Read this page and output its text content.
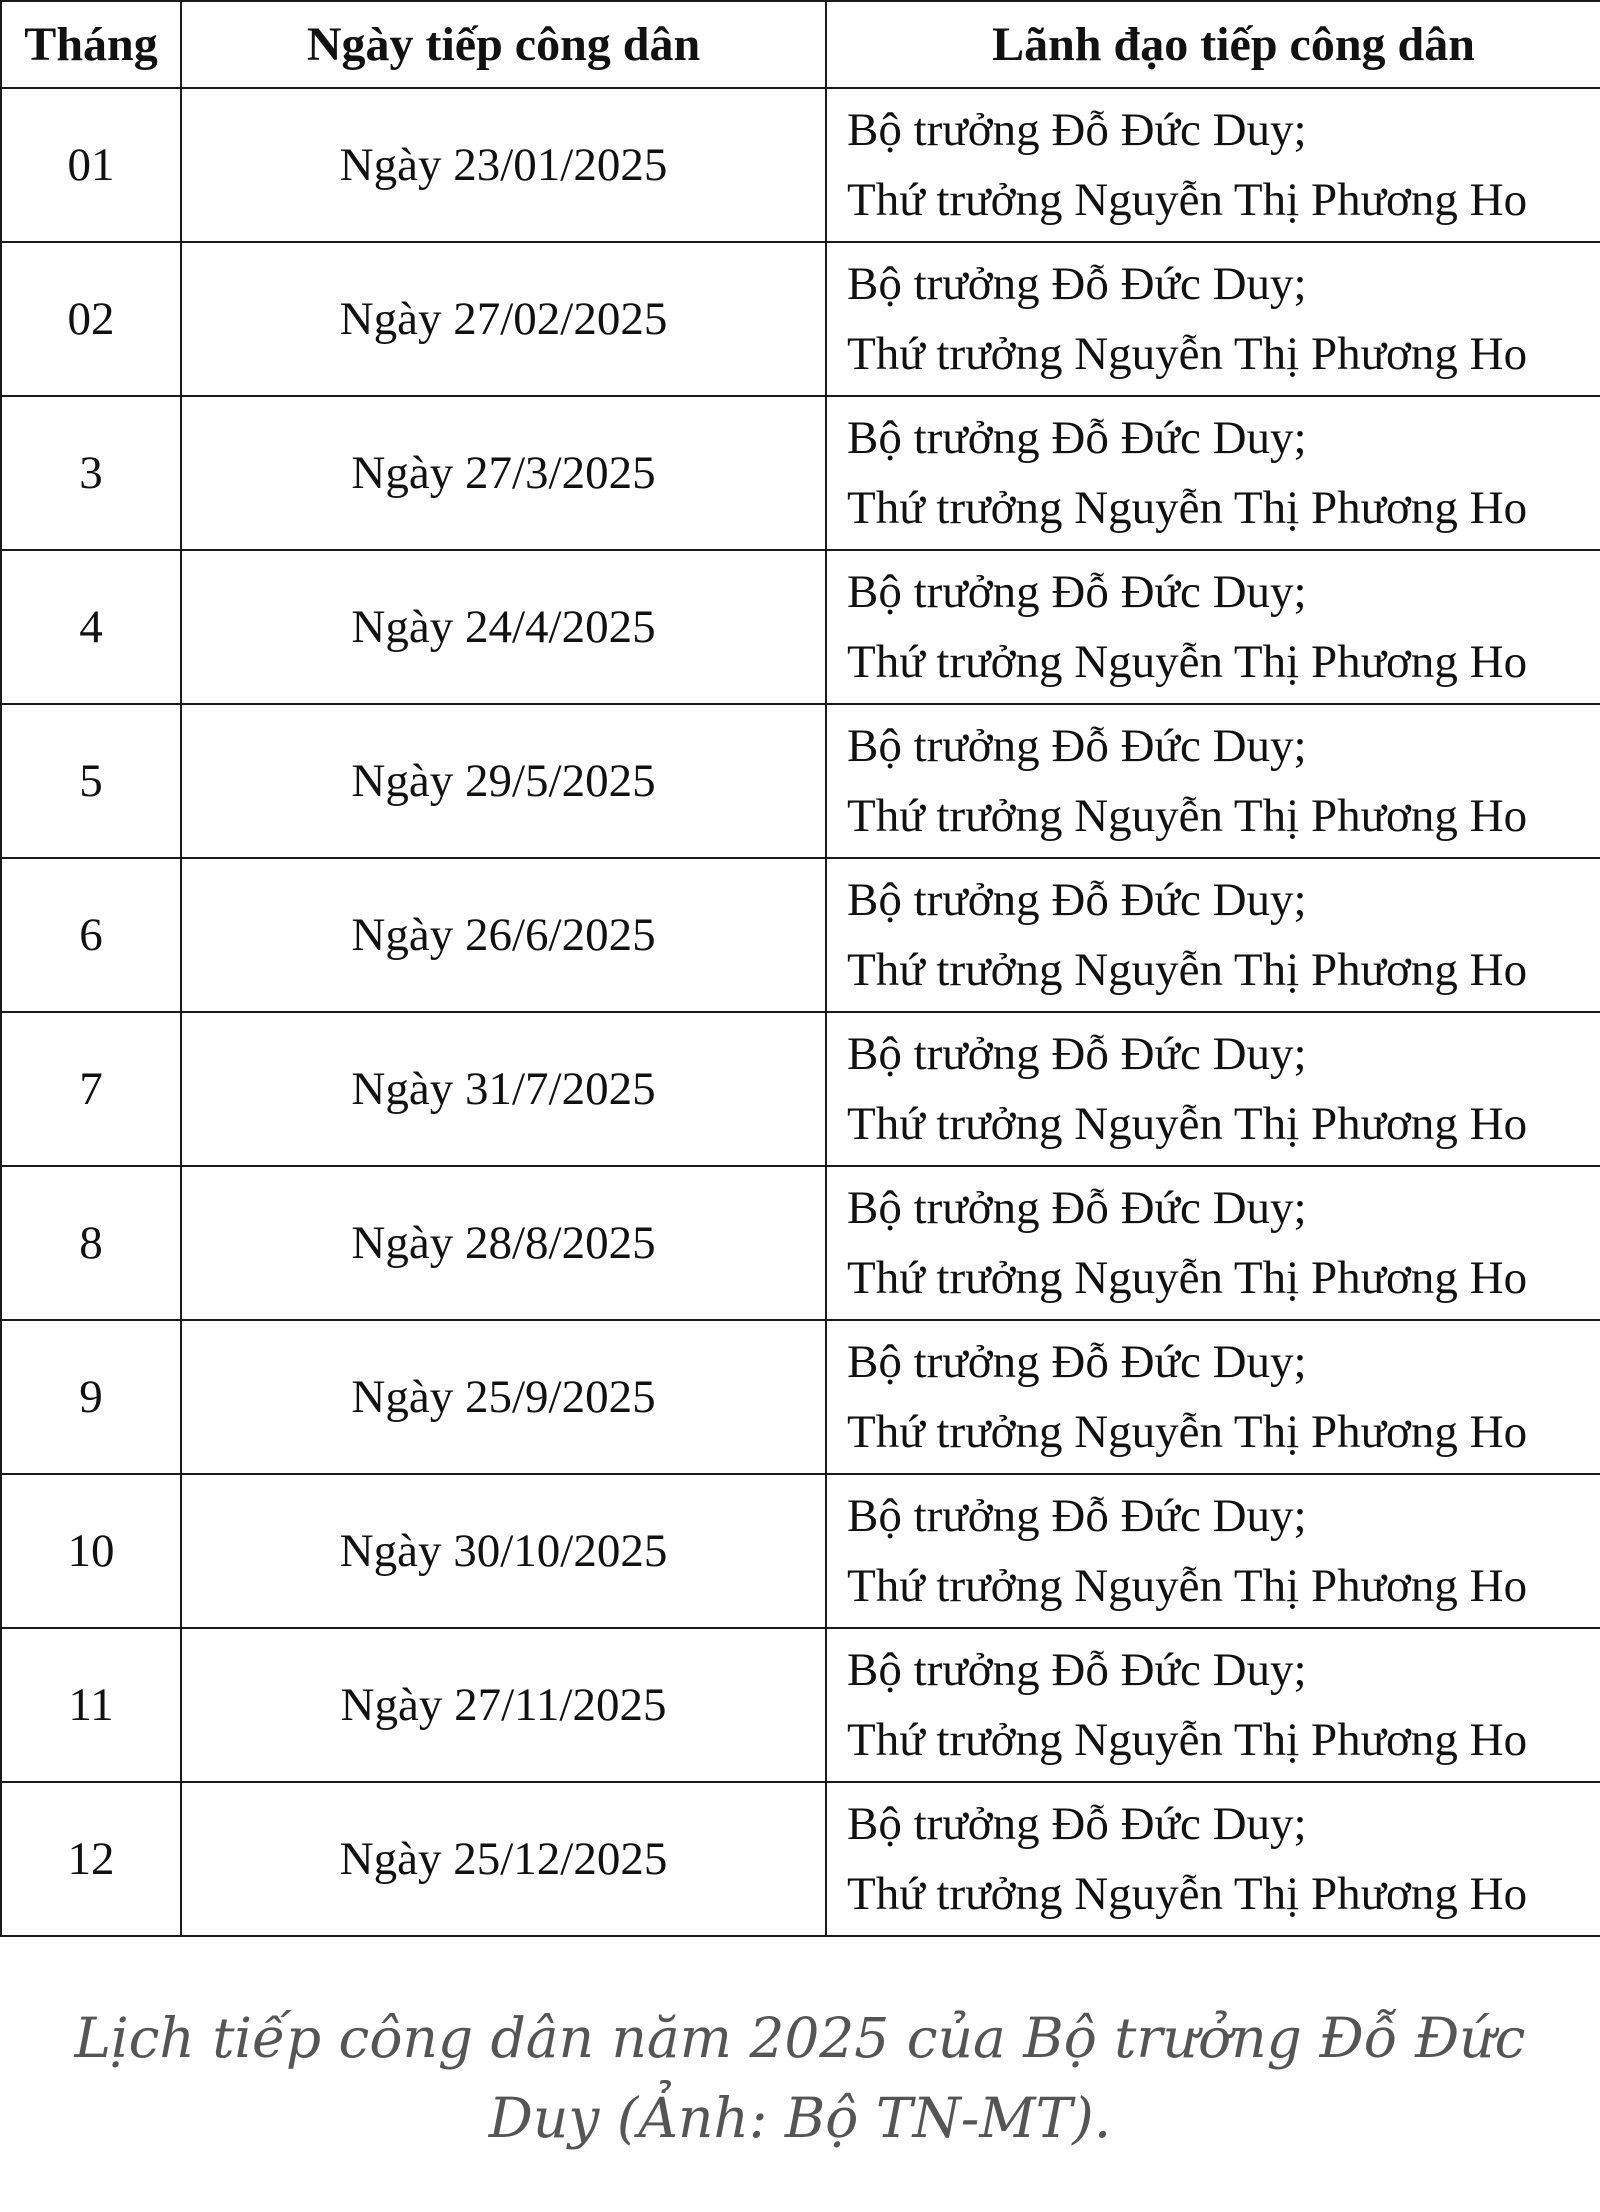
Tháng	Ngày tiếp công dân	Lãnh đạo tiếp công dân
01	Ngày 23/01/2025	Bộ trưởng Đỗ Đức Duy;
Thứ trưởng Nguyễn Thị Phương Ho

02	Ngày 27/02/2025	Bộ trưởng Đỗ Đức Duy;
Thứ trưởng Nguyễn Thị Phương Ho

3	Ngày 27/3/2025	Bộ trưởng Đỗ Đức Duy;
Thứ trưởng Nguyễn Thị Phương Ho

4	Ngày 24/4/2025	Bộ trưởng Đỗ Đức Duy;
Thứ trưởng Nguyễn Thị Phương Ho

5	Ngày 29/5/2025	Bộ trưởng Đỗ Đức Duy;
Thứ trưởng Nguyễn Thị Phương Ho

6	Ngày 26/6/2025	Bộ trưởng Đỗ Đức Duy;
Thứ trưởng Nguyễn Thị Phương Ho

7	Ngày 31/7/2025	Bộ trưởng Đỗ Đức Duy;
Thứ trưởng Nguyễn Thị Phương Ho

8	Ngày 28/8/2025	Bộ trưởng Đỗ Đức Duy;
Thứ trưởng Nguyễn Thị Phương Ho

9	Ngày 25/9/2025	Bộ trưởng Đỗ Đức Duy;
Thứ trưởng Nguyễn Thị Phương Ho

10	Ngày 30/10/2025	Bộ trưởng Đỗ Đức Duy;
Thứ trưởng Nguyễn Thị Phương Ho

11	Ngày 27/11/2025	Bộ trưởng Đỗ Đức Duy;
Thứ trưởng Nguyễn Thị Phương Ho

12	Ngày 25/12/2025	Bộ trưởng Đỗ Đức Duy;
Thứ trưởng Nguyễn Thị Phương Ho
Lịch tiếp công dân năm 2025 của Bộ trưởng Đỗ Đức Duy (Ảnh: Bộ TN-MT).
